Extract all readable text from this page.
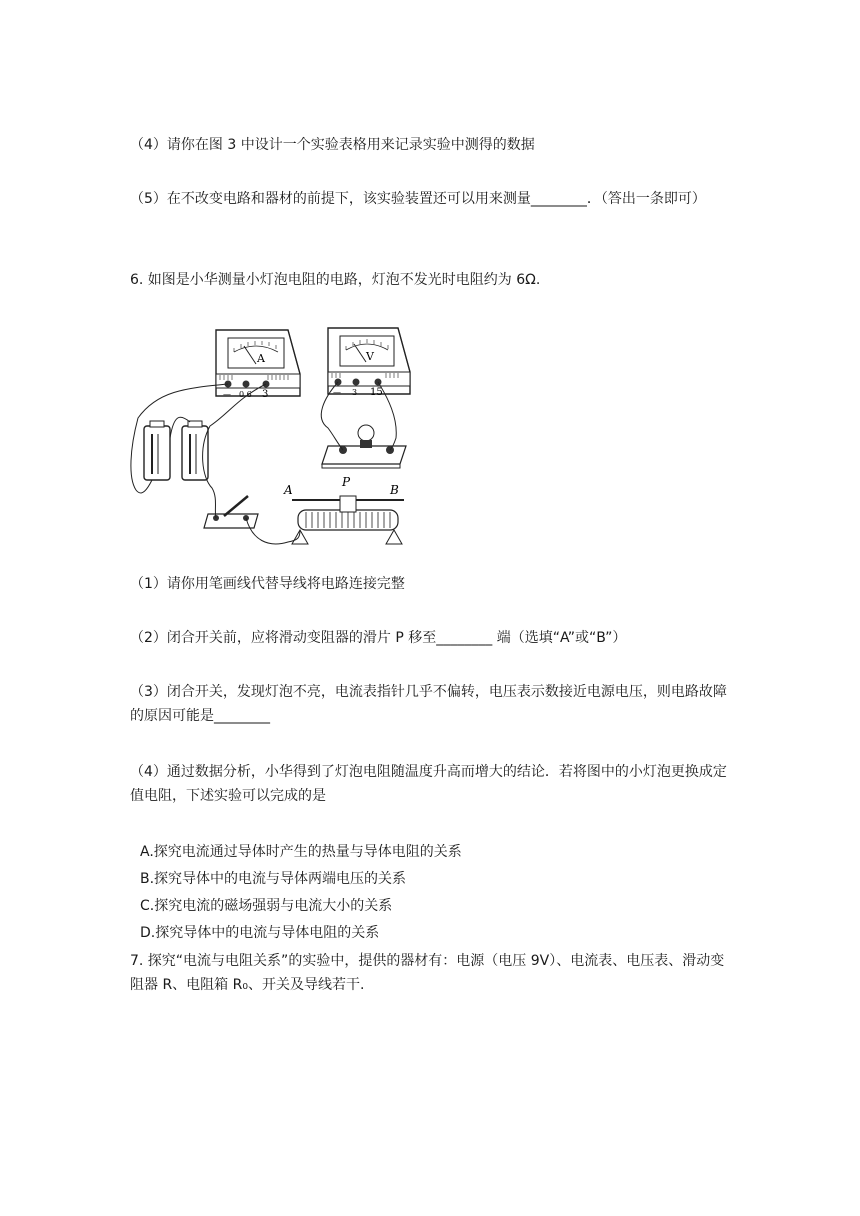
（4）请你在图 3 中设计一个实验表格用来记录实验中测得的数据
（5）在不改变电路和器材的前提下，该实验装置还可以用来测量________．（答出一条即可）
6. 如图是小华测量小灯泡电阻的电路，灯泡不发光时电阻约为 6Ω.
A
— 0.6 3
V
— 3 15
A
P
B
（1）请你用笔画线代替导线将电路连接完整
（2）闭合开关前，应将滑动变阻器的滑片 P 移至________ 端（选填“A”或“B”）
（3）闭合开关，发现灯泡不亮，电流表指针几乎不偏转，电压表示数接近电源电压，则电路故障的原因可能是________
（4）通过数据分析，小华得到了灯泡电阻随温度升高而增大的结论．若将图中的小灯泡更换成定值电阻，下述实验可以完成的是
A.探究电流通过导体时产生的热量与导体电阻的关系
B.探究导体中的电流与导体两端电压的关系
C.探究电流的磁场强弱与电流大小的关系
D.探究导体中的电流与导体电阻的关系
7. 探究“电流与电阻关系”的实验中，提供的器材有：电源（电压 9V）、电流表、电压表、滑动变阻器 R、电阻箱 R₀、开关及导线若干.
